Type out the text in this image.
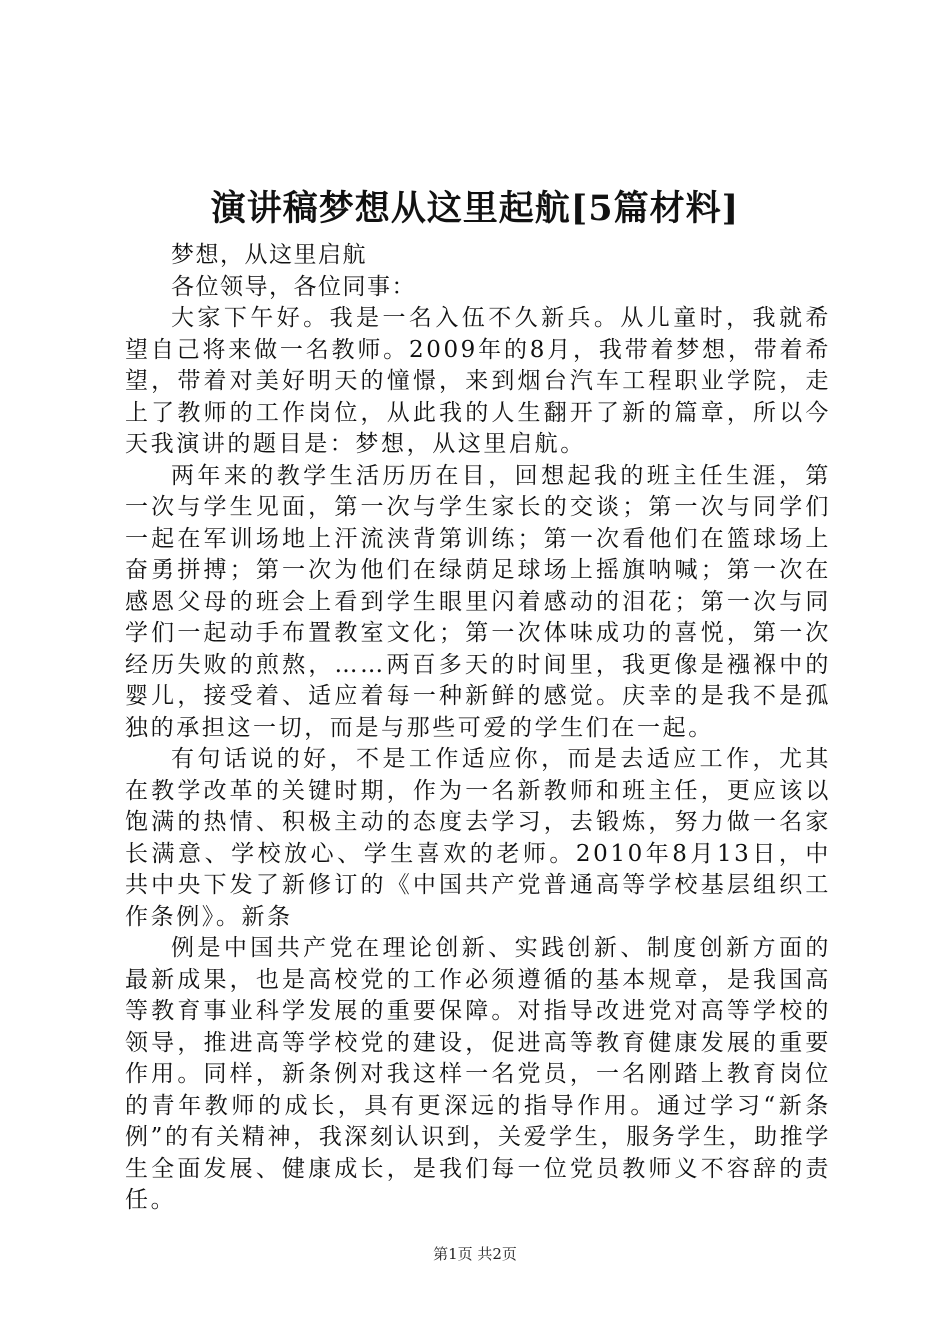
演讲稿梦想从这里起航[5篇材料]

梦想，从这里启航

各位领导，各位同事：

大家下午好。我是一名入伍不久新兵。从儿童时，我就希望自己将来做一名教师。2009年的8月，我带着梦想，带着希望，带着对美好明天的憧憬，来到烟台汽车工程职业学院，走上了教师的工作岗位，从此我的人生翻开了新的篇章，所以今天我演讲的题目是：梦想，从这里启航。

两年来的教学生活历历在目，回想起我的班主任生涯，第一次与学生见面，第一次与学生家长的交谈；第一次与同学们一起在军训场地上汗流浃背第训练；第一次看他们在篮球场上奋勇拼搏；第一次为他们在绿荫足球场上摇旗呐喊；第一次在感恩父母的班会上看到学生眼里闪着感动的泪花；第一次与同学们一起动手布置教室文化；第一次体味成功的喜悦，第一次经历失败的煎熬，……两百多天的时间里，我更像是襁褓中的婴儿，接受着、适应着每一种新鲜的感觉。庆幸的是我不是孤独的承担这一切，而是与那些可爱的学生们在一起。

有句话说的好，不是工作适应你，而是去适应工作，尤其在教学改革的关键时期，作为一名新教师和班主任，更应该以饱满的热情、积极主动的态度去学习，去锻炼，努力做一名家长满意、学校放心、学生喜欢的老师。2010年8月13日，中共中央下发了新修订的《中国共产党普通高等学校基层组织工作条例》。新条

例是中国共产党在理论创新、实践创新、制度创新方面的最新成果，也是高校党的工作必须遵循的基本规章，是我国高等教育事业科学发展的重要保障。对指导改进党对高等学校的领导，推进高等学校党的建设，促进高等教育健康发展的重要作用。同样，新条例对我这样一名党员，一名刚踏上教育岗位的青年教师的成长，具有更深远的指导作用。通过学习“新条例”的有关精神，我深刻认识到，关爱学生，服务学生，助推学生全面发展、健康成长，是我们每一位党员教师义不容辞的责任。

第1页 共2页
